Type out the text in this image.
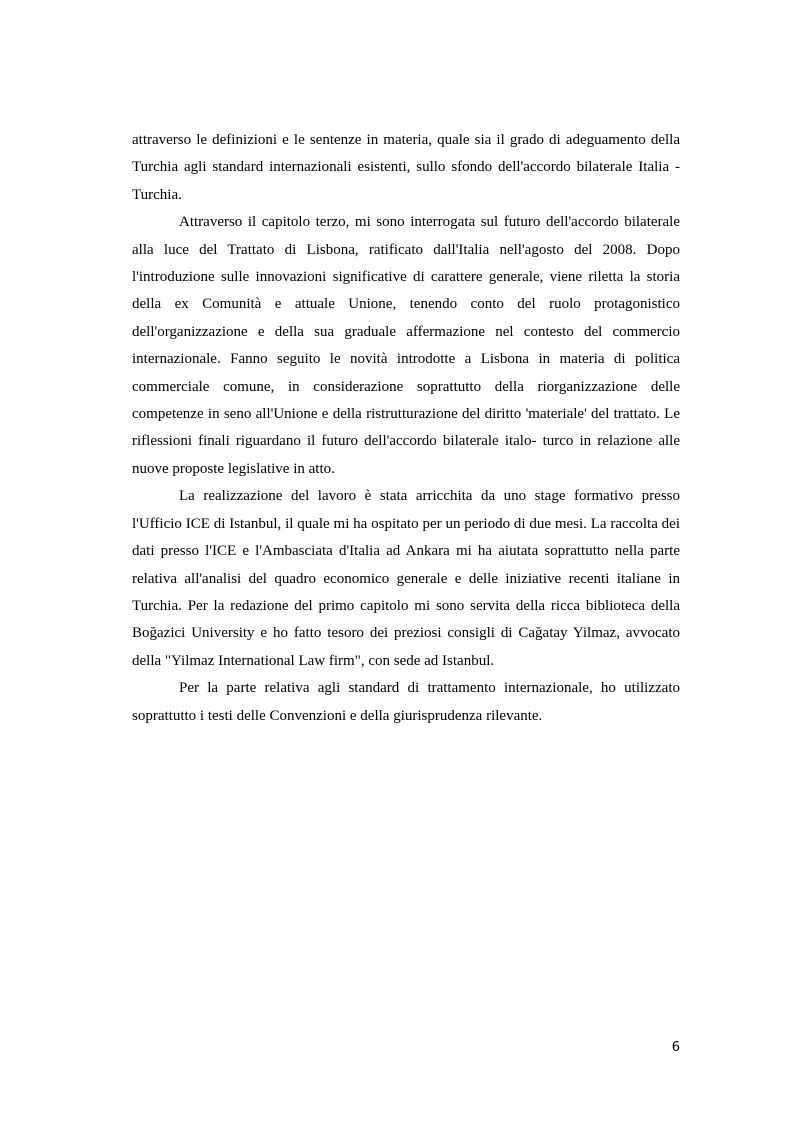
attraverso le definizioni e le sentenze in materia, quale sia il grado di adeguamento della Turchia agli standard internazionali esistenti, sullo sfondo dell'accordo bilaterale Italia - Turchia.

Attraverso il capitolo terzo, mi sono interrogata sul futuro dell'accordo bilaterale alla luce del Trattato di Lisbona, ratificato dall'Italia nell'agosto del 2008. Dopo l'introduzione sulle innovazioni significative di carattere generale, viene riletta la storia della ex Comunità e attuale Unione, tenendo conto del ruolo protagonistico dell'organizzazione e della sua graduale affermazione nel contesto del commercio internazionale. Fanno seguito le novità introdotte a Lisbona in materia di politica commerciale comune, in considerazione soprattutto della riorganizzazione delle competenze in seno all'Unione e della ristrutturazione del diritto 'materiale' del trattato. Le riflessioni finali riguardano il futuro dell'accordo bilaterale italo- turco in relazione alle nuove proposte legislative in atto.

La realizzazione del lavoro è stata arricchita da uno stage formativo presso l'Ufficio ICE di Istanbul, il quale mi ha ospitato per un periodo di due mesi. La raccolta dei dati presso l'ICE e l'Ambasciata d'Italia ad Ankara mi ha aiutata soprattutto nella parte relativa all'analisi del quadro economico generale e delle iniziative recenti italiane in Turchia. Per la redazione del primo capitolo mi sono servita della ricca biblioteca della Boğazici University e ho fatto tesoro dei preziosi consigli di Cağatay Yilmaz, avvocato della "Yilmaz International Law firm", con sede ad Istanbul.

Per la parte relativa agli standard di trattamento internazionale, ho utilizzato soprattutto i testi delle Convenzioni e della giurisprudenza rilevante.

6
